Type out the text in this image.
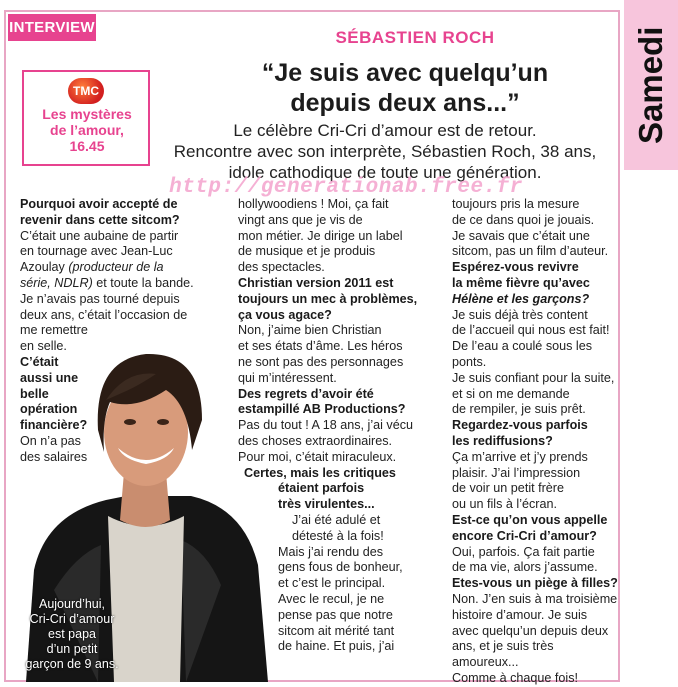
INTERVIEW	Samedi
SÉBASTIEN ROCH
“Je suis avec quelqu’un
depuis deux ans...”
Le célèbre Cri-Cri d’amour est de retour.
Rencontre avec son interprète, Sébastien Roch, 38 ans,
idole cathodique de toute une génération.
TMC
Les mystères
de l’amour,
16.45
Aujourd’hui,
Cri-Cri d’amour
est papa
d’un petit
garçon de 9 ans.

Pourquoi avoir accepté de

revenir dans cette sitcom?

C’était une aubaine de partir

en tournage avec Jean-Luc

Azoulay (producteur de la

série, NDLR) et toute la bande.

Je n’avais pas tourné depuis

deux ans, c’était l’occasion de

me remettre

en selle.

C’était

aussi une

belle

opération

financière?

On n’a pas

des salaires

hollywoodiens ! Moi, ça fait

vingt ans que je vis de

mon métier. Je dirige un label

de musique et je produis

des spectacles.

Christian version 2011 est

toujours un mec à problèmes,

ça vous agace?

Non, j’aime bien Christian

et ses états d’âme. Les héros

ne sont pas des personnages

qui m’intéressent.

Des regrets d’avoir été

estampillé AB Productions?

Pas du tout ! A 18 ans, j’ai vécu

des choses extraordinaires.

Pour moi, c’était miraculeux.

Certes, mais les critiques

étaient parfois

très virulentes...

J’ai été adulé et

détesté à la fois!

Mais j’ai rendu des

gens fous de bonheur,

et c’est le principal.

Avec le recul, je ne

pense pas que notre

sitcom ait mérité tant

de haine. Et puis, j’ai

toujours pris la mesure

de ce dans quoi je jouais.

Je savais que c’était une

sitcom, pas un film d’auteur.

Espérez-vous revivre

la même fièvre qu’avec

Hélène et les garçons?

Je suis déjà très content

de l’accueil qui nous est fait!

De l’eau a coulé sous les ponts.

Je suis confiant pour la suite,

et si on me demande

de rempiler, je suis prêt.

Regardez-vous parfois

les rediffusions?

Ça m’arrive et j’y prends

plaisir. J’ai l’impression

de voir un petit frère

ou un fils à l’écran.

Est-ce qu’on vous appelle

encore Cri-Cri d’amour?

Oui, parfois. Ça fait partie

de ma vie, alors j’assume.

Etes-vous un piège à filles?

Non. J’en suis à ma troisième

histoire d’amour. Je suis

avec quelqu’un depuis deux

ans, et je suis très amoureux...

Comme à chaque fois!

http://generationab.free.fr
